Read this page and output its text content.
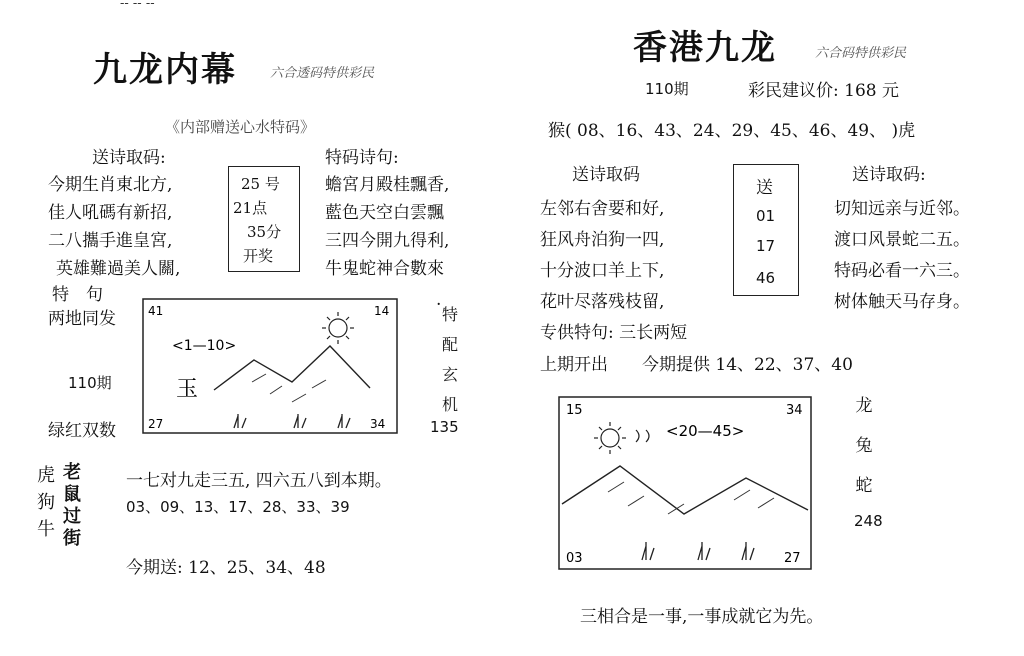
-- -- --
九龙内幕	六合透码特供彩民
《内部赠送心水特码》
送诗取码:
今期生肖東北方,
佳人吼碼有新招,
二八攜手進皇宮,
英雄難過美人關,
25 号
21点
35分
开奖
特码诗句:
蟾宮月殿桂飄香,
藍色天空白雲飄
三四今開九得利,
牛鬼蛇神合數來
特　句
两地同发
110期
绿红双数
41	14
27	34
<1—10>
玉
.
特
配
玄
机
135
虎
狗
牛
老
鼠
过
街
一七对九走三五, 四六五八到本期。
03、09、13、17、28、33、39
今期送: 12、25、34、48
香港九龙	六合码特供彩民
110期	彩民建议价: 168 元
猴( 08、16、43、24、29、45、46、49、 )虎
送诗取码	送诗取码:
左邻右舍要和好,
狂风舟泊狗一四,
十分波口羊上下,
花叶尽落残枝留,
送
01
17
46
切知远亲与近邻。
渡口风景蛇二五。
特码必看一六三。
树体触天马存身。
专供特句: 三长两短
上期开出　　今期提供 14、22、37、40
15	34
03	27
<20—45>
龙
兔
蛇
248
三相合是一事,一事成就它为先。
